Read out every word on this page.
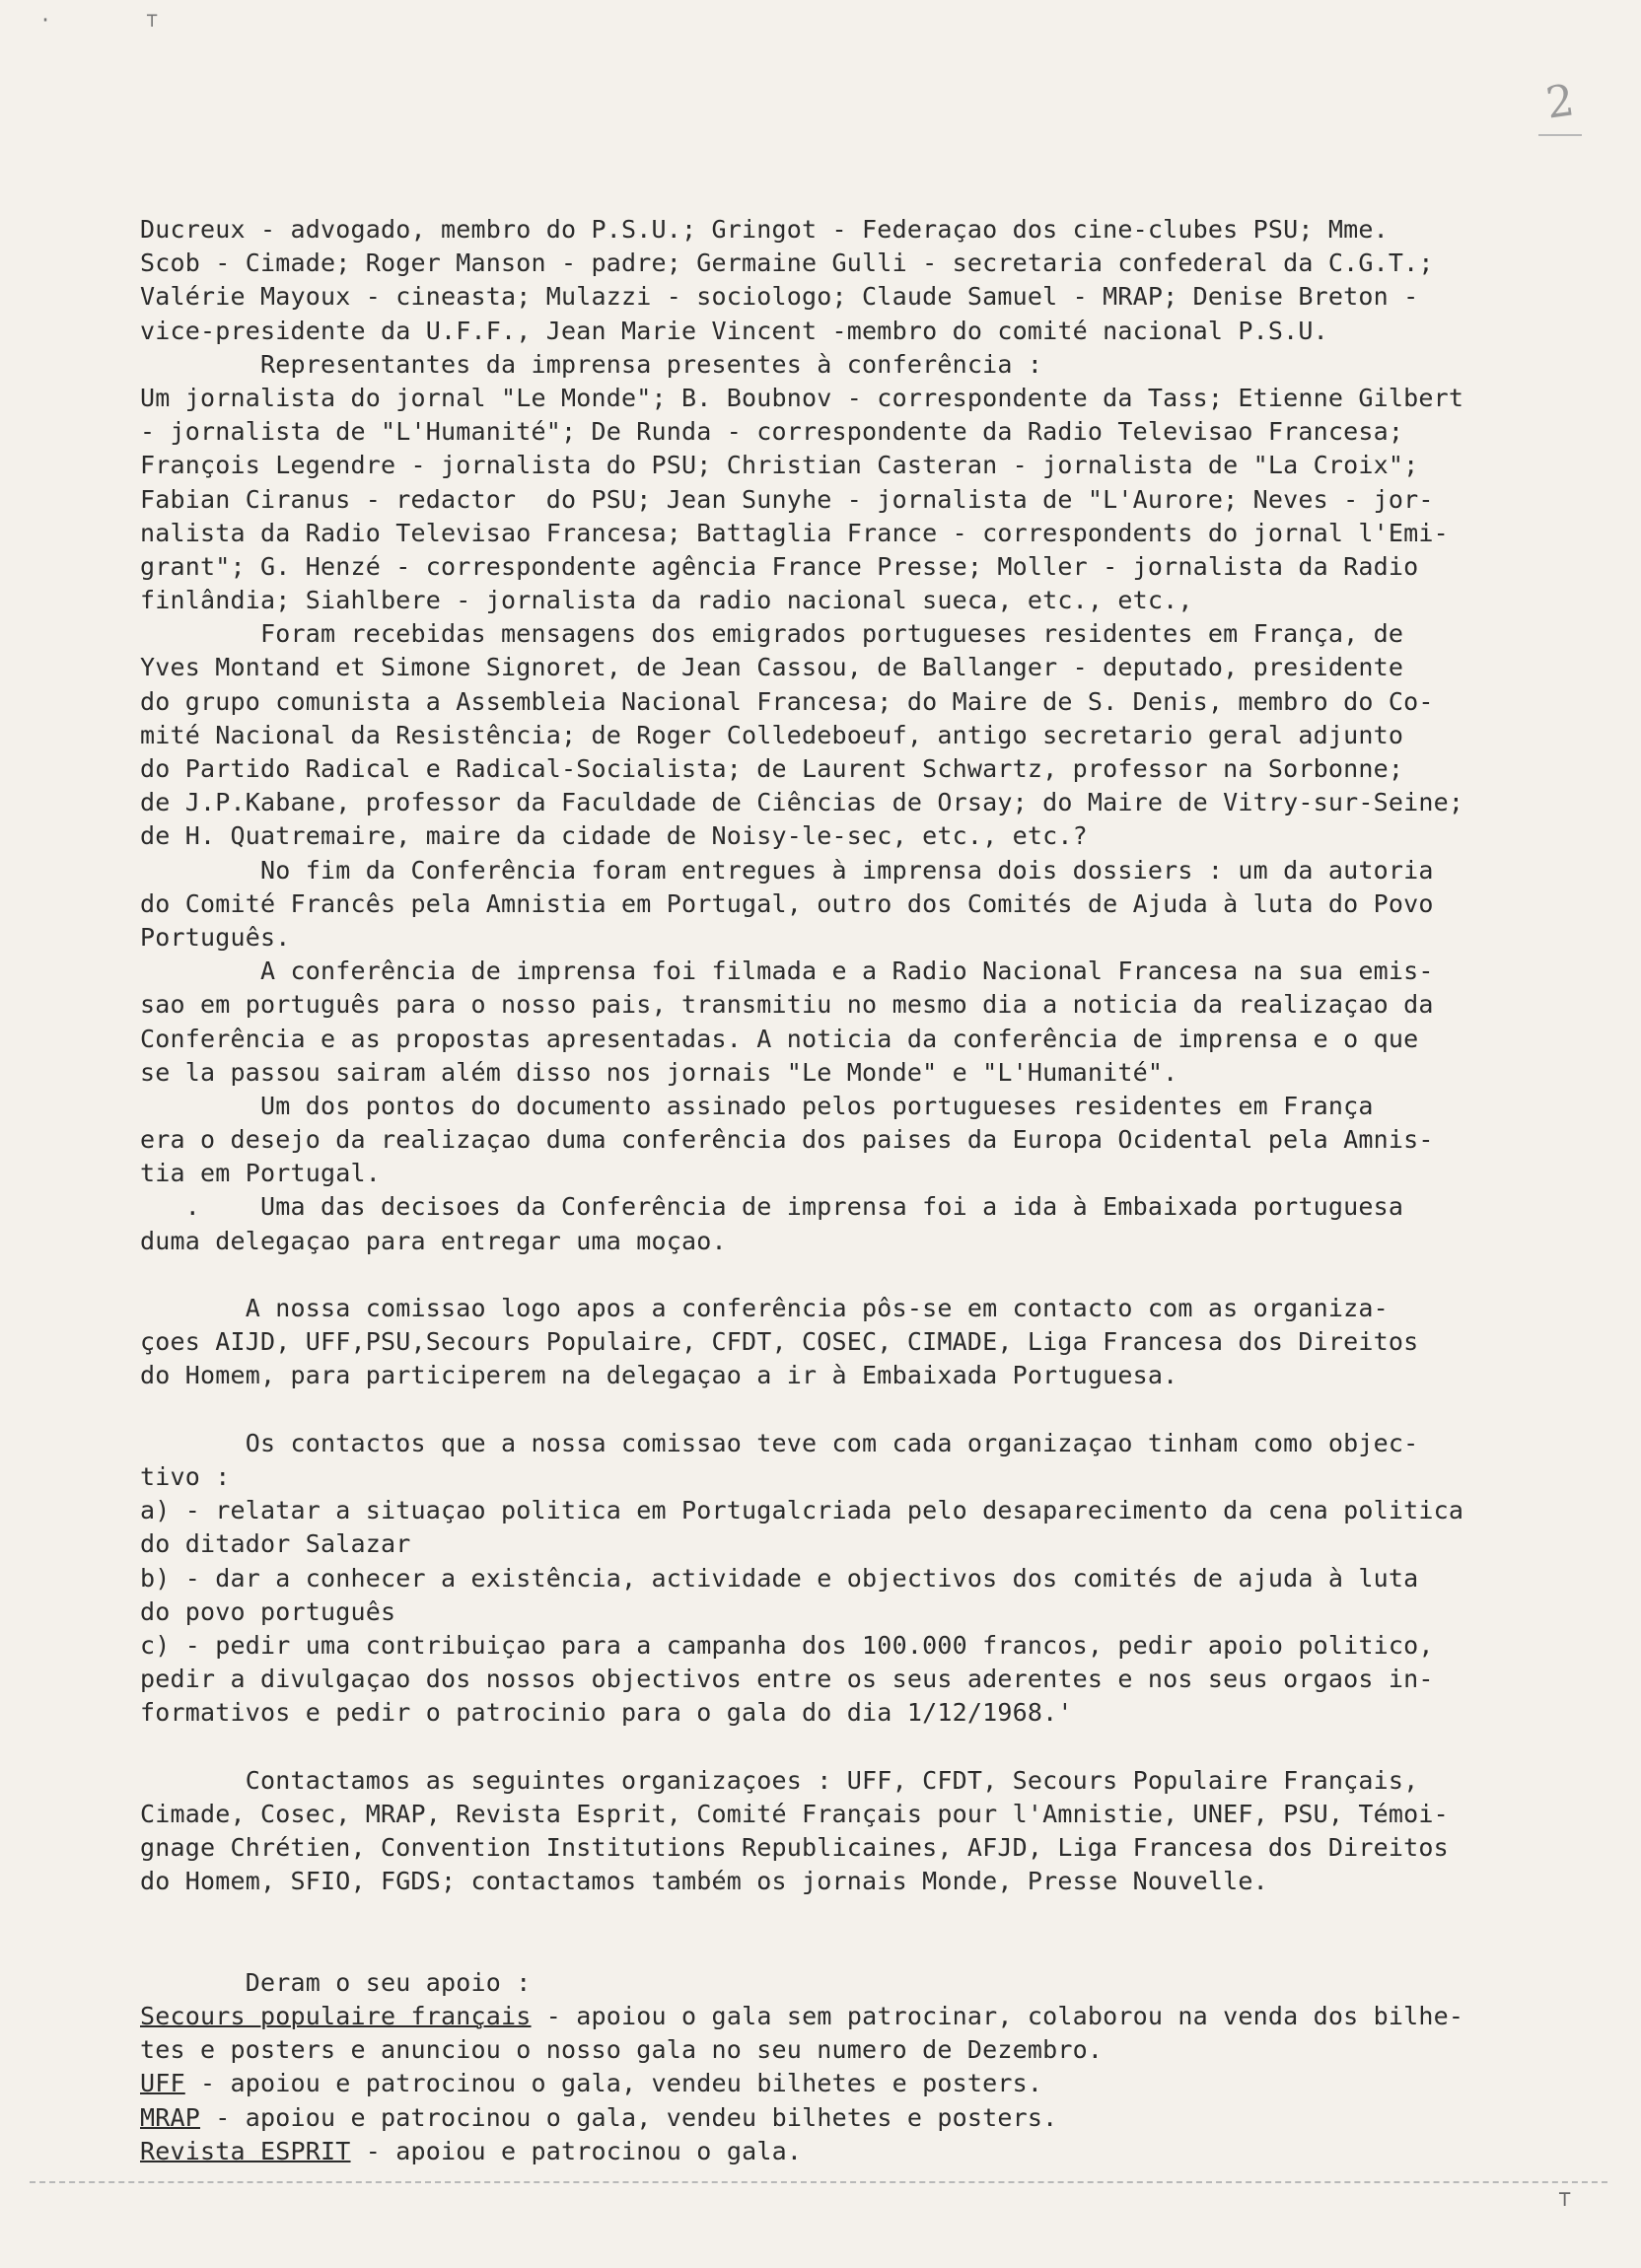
·	⊤
2
Ducreux - advogado, membro do P.S.U.; Gringot - Federaçao dos cine-clubes PSU; Mme.
Scob - Cimade; Roger Manson - padre; Germaine Gulli - secretaria confederal da C.G.T.;
Valérie Mayoux - cineasta; Mulazzi - sociologo; Claude Samuel - MRAP; Denise Breton -
vice-presidente da U.F.F., Jean Marie Vincent -membro do comité nacional P.S.U.
Representantes da imprensa presentes à conferência :
Um jornalista do jornal "Le Monde"; B. Boubnov - correspondente da Tass; Etienne Gilbert
- jornalista de "L'Humanité"; De Runda - correspondente da Radio Televisao Francesa;
François Legendre - jornalista do PSU; Christian Casteran - jornalista de "La Croix";
Fabian Ciranus - redactor  do PSU; Jean Sunyhe - jornalista de "L'Aurore; Neves - jor-
nalista da Radio Televisao Francesa; Battaglia France - correspondents do jornal l'Emi-
grant"; G. Henzé - correspondente agência France Presse; Moller - jornalista da Radio
finlândia; Siahlbere - jornalista da radio nacional sueca, etc., etc.,
Foram recebidas mensagens dos emigrados portugueses residentes em França, de
Yves Montand et Simone Signoret, de Jean Cassou, de Ballanger - deputado, presidente
do grupo comunista a Assembleia Nacional Francesa; do Maire de S. Denis, membro do Co-
mité Nacional da Resistência; de Roger Colledeboeuf, antigo secretario geral adjunto
do Partido Radical e Radical-Socialista; de Laurent Schwartz, professor na Sorbonne;
de J.P.Kabane, professor da Faculdade de Ciências de Orsay; do Maire de Vitry-sur-Seine;
de H. Quatremaire, maire da cidade de Noisy-le-sec, etc., etc.?
No fim da Conferência foram entregues à imprensa dois dossiers : um da autoria
do Comité Francês pela Amnistia em Portugal, outro dos Comités de Ajuda à luta do Povo
Português.
A conferência de imprensa foi filmada e a Radio Nacional Francesa na sua emis-
sao em português para o nosso pais, transmitiu no mesmo dia a noticia da realizaçao da
Conferência e as propostas apresentadas. A noticia da conferência de imprensa e o que
se la passou sairam além disso nos jornais "Le Monde" e "L'Humanité".
Um dos pontos do documento assinado pelos portugueses residentes em França
era o desejo da realizaçao duma conferência dos paises da Europa Ocidental pela Amnis-
tia em Portugal.
.    Uma das decisoes da Conferência de imprensa foi a ida à Embaixada portuguesa
duma delegaçao para entregar uma moçao.
A nossa comissao logo apos a conferência pôs-se em contacto com as organiza-
çoes AIJD, UFF,PSU,Secours Populaire, CFDT, COSEC, CIMADE, Liga Francesa dos Direitos
do Homem, para participerem na delegaçao a ir à Embaixada Portuguesa.
Os contactos que a nossa comissao teve com cada organizaçao tinham como objec-
tivo :
a) - relatar a situaçao politica em Portugalcriada pelo desaparecimento da cena politica
do ditador Salazar
b) - dar a conhecer a existência, actividade e objectivos dos comités de ajuda à luta
do povo português
c) - pedir uma contribuiçao para a campanha dos 100.000 francos, pedir apoio politico,
pedir a divulgaçao dos nossos objectivos entre os seus aderentes e nos seus orgaos in-
formativos e pedir o patrocinio para o gala do dia 1/12/1968.'
Contactamos as seguintes organizaçoes : UFF, CFDT, Secours Populaire Français,
Cimade, Cosec, MRAP, Revista Esprit, Comité Français pour l'Amnistie, UNEF, PSU, Témoi-
gnage Chrétien, Convention Institutions Republicaines, AFJD, Liga Francesa dos Direitos
do Homem, SFIO, FGDS; contactamos também os jornais Monde, Presse Nouvelle.
Deram o seu apoio :
Secours populaire français - apoiou o gala sem patrocinar, colaborou na venda dos bilhe-
tes e posters e anunciou o nosso gala no seu numero de Dezembro.
UFF - apoiou e patrocinou o gala, vendeu bilhetes e posters.
MRAP - apoiou e patrocinou o gala, vendeu bilhetes e posters.
Revista ESPRIT - apoiou e patrocinou o gala.
⊤
